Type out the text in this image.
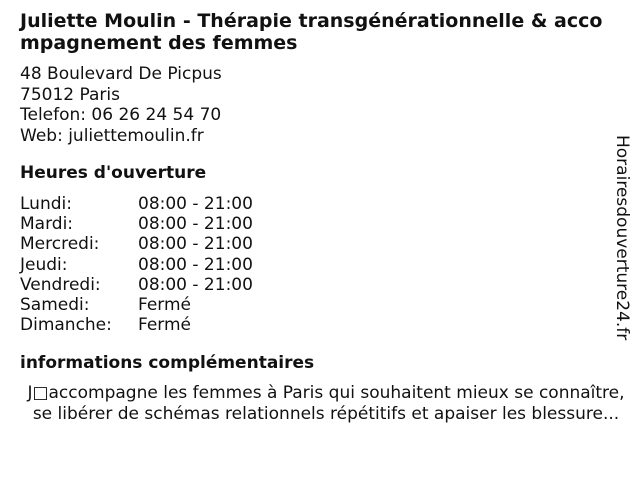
Juliette Moulin - Thérapie transgénérationnelle & accompagnement des femmes
48 Boulevard De Picpus
75012 Paris
Telefon: 06 26 24 54 70
Web: juliettemoulin.fr
Heures d'ouverture
Lundi:	08:00 - 21:00
Mardi:	08:00 - 21:00
Mercredi: 08:00 - 21:00
Jeudi:	08:00 - 21:00
Vendredi: 08:00 - 21:00
Samedi:	Fermé
Dimanche: Fermé
informations complémentaires
J□accompagne les femmes à Paris qui souhaitent mieux se connaître,
se libérer de schémas relationnels répétitifs et apaiser les blessure...
Horairesdouverture24.fr
